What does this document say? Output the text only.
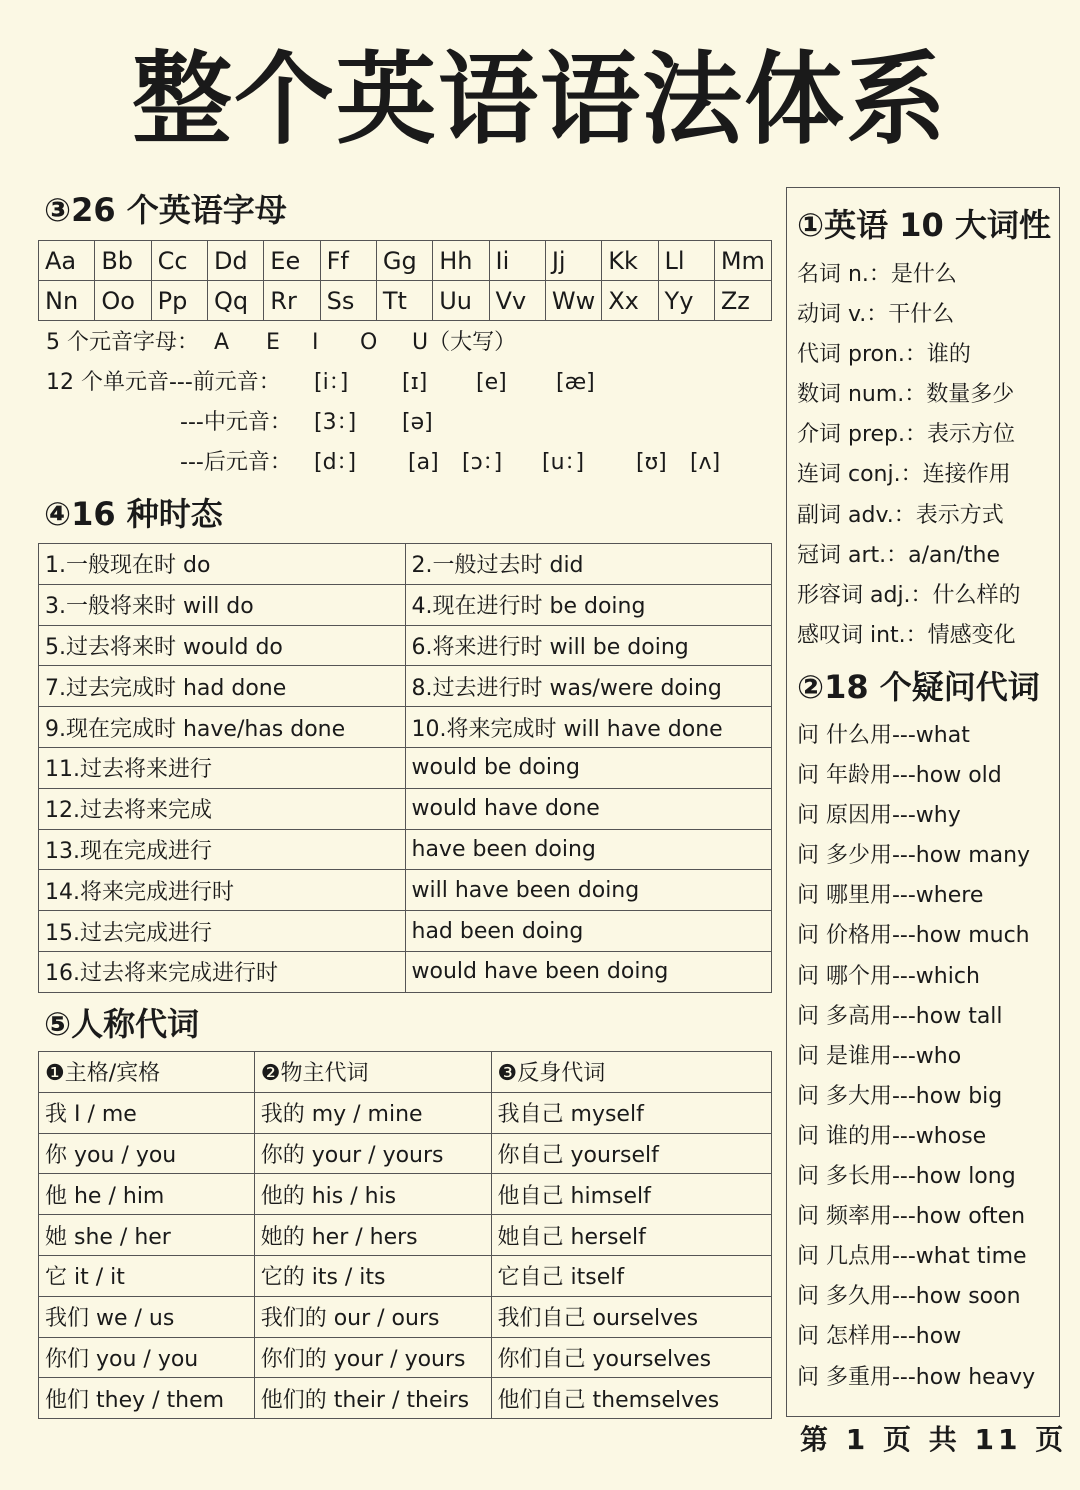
整个英语语法体系
③26 个英语字母
Aa	Bb	Cc	Dd	Ee	Ff	Gg	Hh	Ii	Jj	Kk	Ll	Mm
Nn	Oo	Pp	Qq	Rr	Ss	Tt	Uu	Vv	Ww	Xx	Yy	Zz
5 个元音字母： A E I O U（大写）
12 个单元音---前元音： [i：] [ɪ] [e] [æ]
---中元音： [3：] [ə]
---后元音： [d：] [a] [ɔ：] [u：] [ʊ] [ʌ]
④16 种时态
1.一般现在时 do	2.一般过去时 did
3.一般将来时 will do	4.现在进行时 be doing
5.过去将来时 would do	6.将来进行时 will be doing
7.过去完成时 had done	8.过去进行时 was/were doing
9.现在完成时 have/has done	10.将来完成时 will have done
11.过去将来进行	would be doing
12.过去将来完成	would have done
13.现在完成进行	have been doing
14.将来完成进行时	will have been doing
15.过去完成进行	had been doing
16.过去将来完成进行时	would have been doing
⑤人称代词
❶主格/宾格	❷物主代词	❸反身代词
我 I / me	我的 my / mine	我自己 myself
你 you / you	你的 your / yours	你自己 yourself
他 he / him	他的 his / his	他自己 himself
她 she / her	她的 her / hers	她自己 herself
它 it / it	它的 its / its	它自己 itself
我们 we / us	我们的 our / ours	我们自己 ourselves
你们 you / you	你们的 your / yours	你们自己 yourselves
他们 they / them	他们的 their / theirs	他们自己 themselves
①英语 10 大词性
名词 n.：是什么
动词 v.：干什么
代词 pron.：谁的
数词 num.：数量多少
介词 prep.：表示方位
连词 conj.：连接作用
副词 adv.：表示方式
冠词 art.：a/an/the
形容词 adj.：什么样的
感叹词 int.：情感变化
②18 个疑问代词
问 什么用---what
问 年龄用---how old
问 原因用---why
问 多少用---how many
问 哪里用---where
问 价格用---how much
问 哪个用---which
问 多高用---how tall
问 是谁用---who
问 多大用---how big
问 谁的用---whose
问 多长用---how long
问 频率用---how often
问 几点用---what time
问 多久用---how soon
问 怎样用---how
问 多重用---how heavy
第 1 页 共 11 页
